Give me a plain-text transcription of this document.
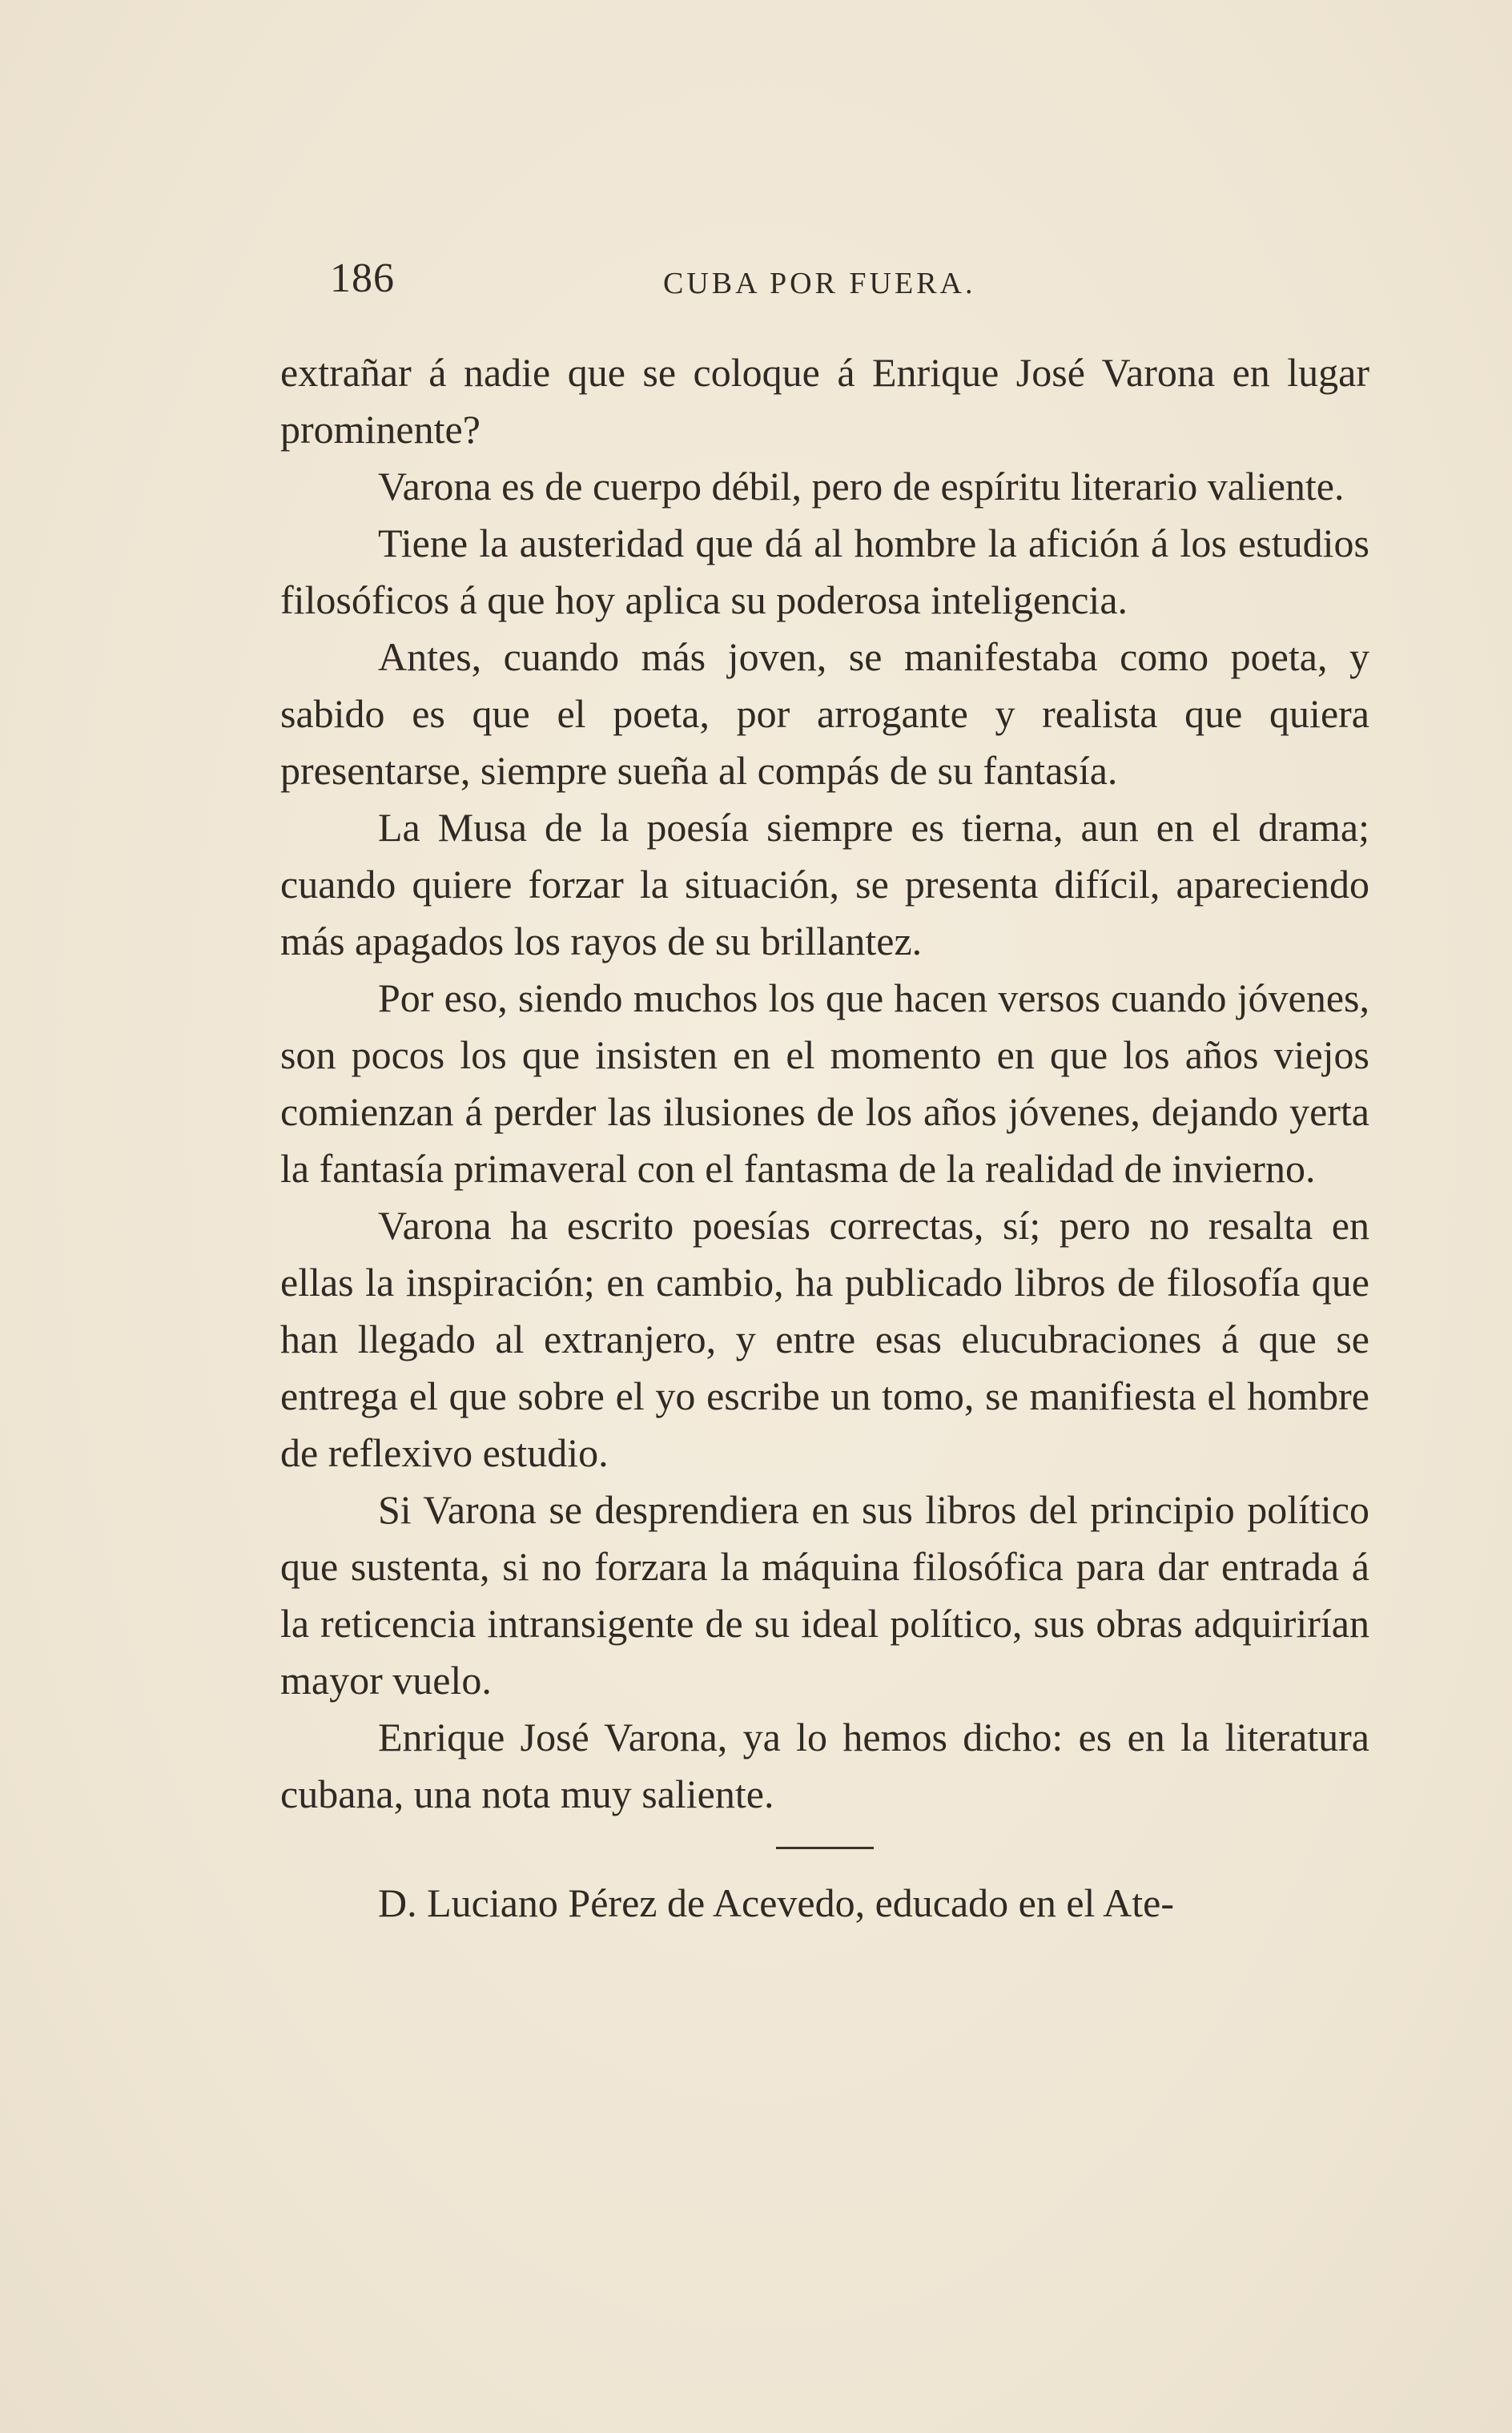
186	CUBA POR FUERA.

extrañar á nadie que se coloque á Enrique José Varona en lugar prominente?

Varona es de cuerpo débil, pero de espíritu literario valiente.

Tiene la austeridad que dá al hombre la afición á los estudios filosóficos á que hoy aplica su poderosa inteligencia.

Antes, cuando más joven, se manifestaba como poeta, y sabido es que el poeta, por arrogante y realista que quiera presentarse, siempre sueña al compás de su fantasía.

La Musa de la poesía siempre es tierna, aun en el drama; cuando quiere forzar la situación, se presenta difícil, apareciendo más apagados los rayos de su brillantez.

Por eso, siendo muchos los que hacen versos cuando jóvenes, son pocos los que insisten en el momento en que los años viejos comienzan á perder las ilusiones de los años jóvenes, dejando yerta la fantasía primaveral con el fantasma de la realidad de invierno.

Varona ha escrito poesías correctas, sí; pero no resalta en ellas la inspiración; en cambio, ha publicado libros de filosofía que han llegado al extranjero, y entre esas elucubraciones á que se entrega el que sobre el yo escribe un tomo, se manifiesta el hombre de reflexivo estudio.

Si Varona se desprendiera en sus libros del principio político que sustenta, si no forzara la máquina filosófica para dar entrada á la reticencia intransigente de su ideal político, sus obras adquirirían mayor vuelo.

Enrique José Varona, ya lo hemos dicho: es en la literatura cubana, una nota muy saliente.

D. Luciano Pérez de Acevedo, educado en el Ate-
